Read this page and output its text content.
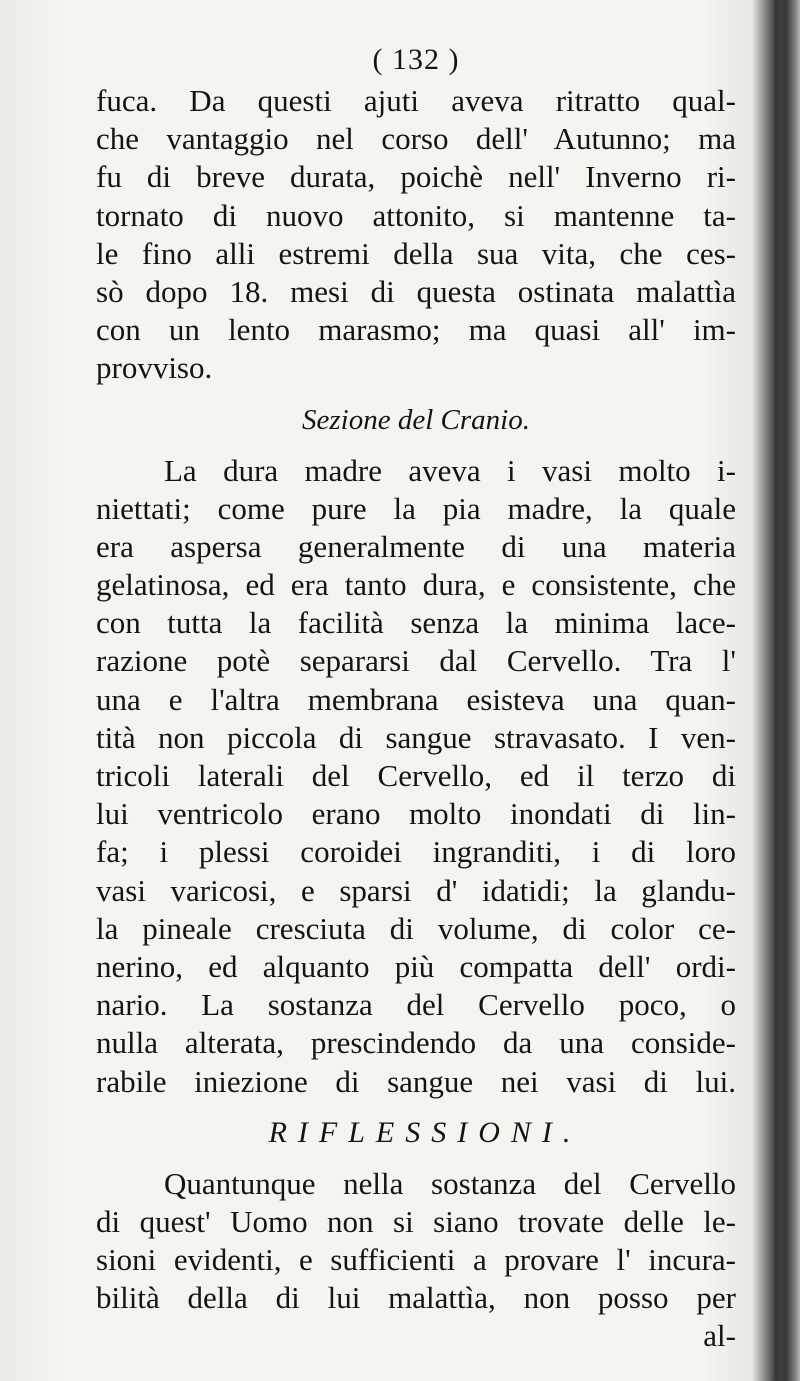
( 132 )
fuca. Da questi ajuti aveva ritratto qual-
che vantaggio nel corso dell' Autunno; ma
fu di breve durata, poichè nell' Inverno ri-
tornato di nuovo attonito, si mantenne ta-
le fino alli estremi della sua vita, che ces-
sò dopo 18. mesi di questa ostinata malattìa
con un lento marasmo; ma quasi all' im-
provviso.
Sezione del Cranio.
La dura madre aveva i vasi molto i-
niettati; come pure la pia madre, la quale
era aspersa generalmente di una materia
gelatinosa, ed era tanto dura, e consistente, che
con tutta la facilità senza la minima lace-
razione potè separarsi dal Cervello. Tra l'
una e l'altra membrana esisteva una quan-
tità non piccola di sangue stravasato. I ven-
tricoli laterali del Cervello, ed il terzo di
lui ventricolo erano molto inondati di lin-
fa; i plessi coroidei ingranditi, i di loro
vasi varicosi, e sparsi d' idatidi; la glandu-
la pineale cresciuta di volume, di color ce-
nerino, ed alquanto più compatta dell' ordi-
nario. La sostanza del Cervello poco, o
nulla alterata, prescindendo da una conside-
rabile iniezione di sangue nei vasi di lui.
RIFLESSIONI.
Quantunque nella sostanza del Cervello
di quest' Uomo non si siano trovate delle le-
sioni evidenti, e sufficienti a provare l' incura-
bilità della di lui malattìa, non posso per
al-
